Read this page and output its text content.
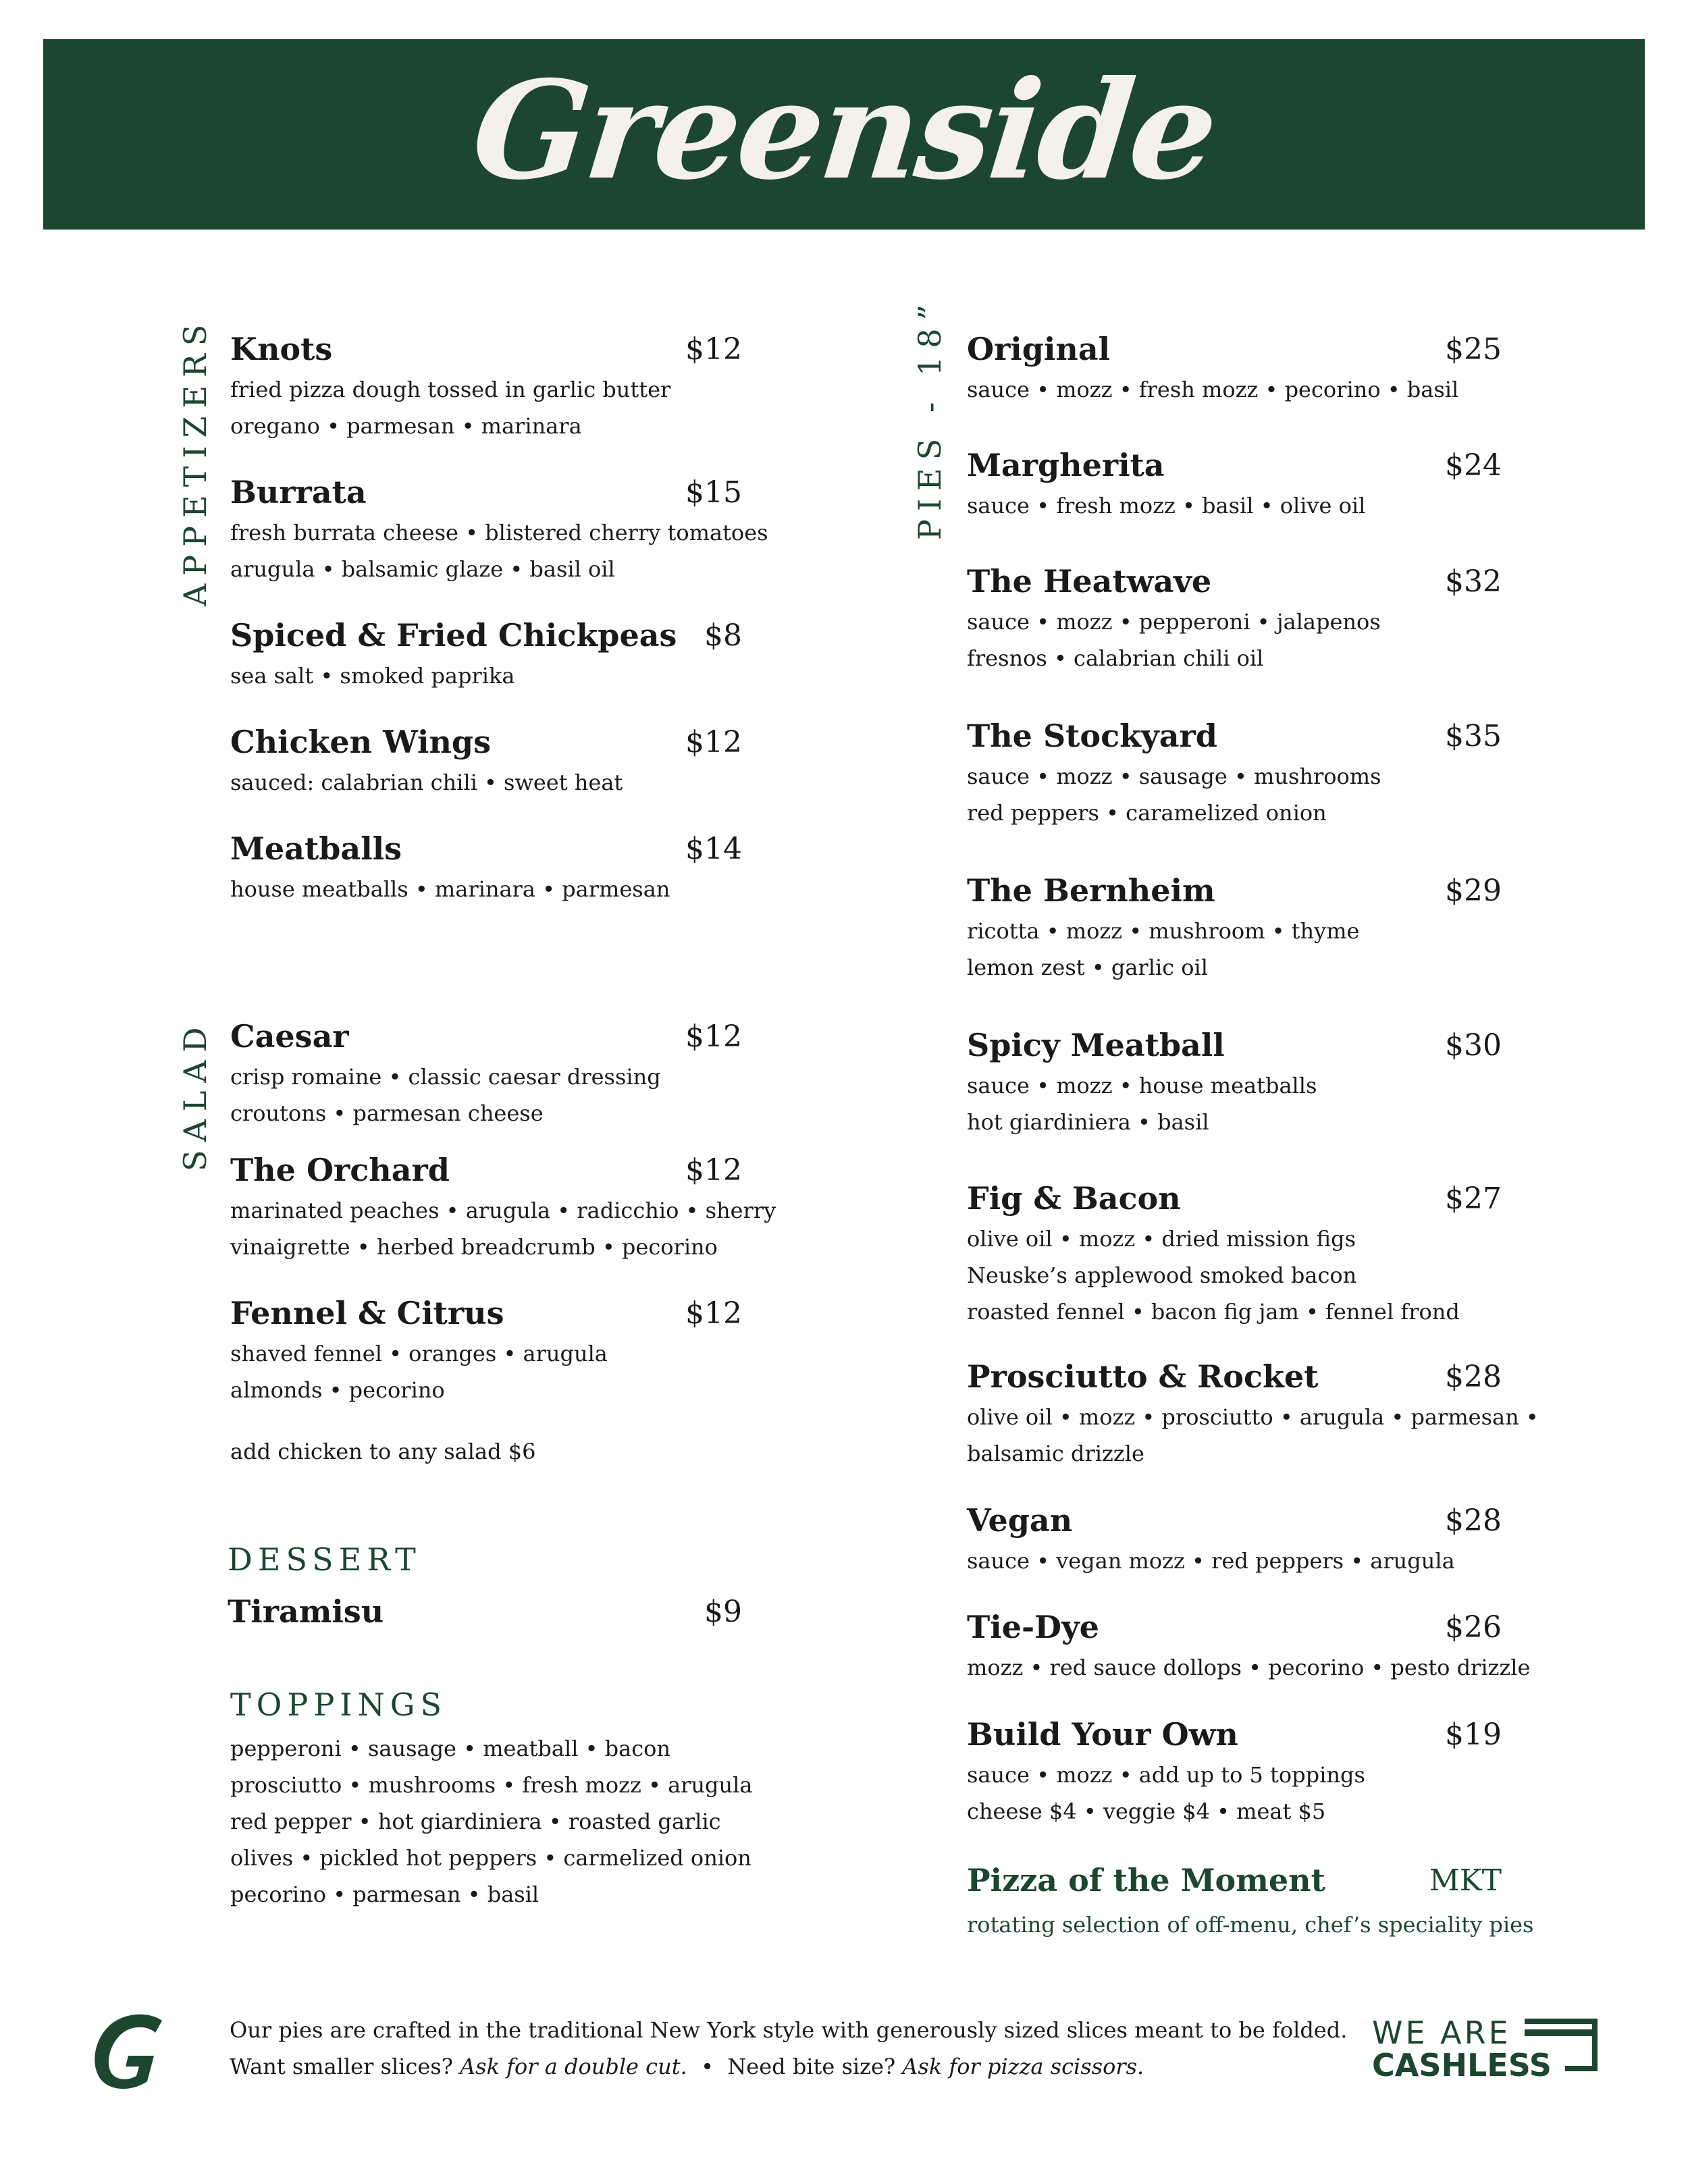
Greenside
APPETIZERS Knots	$12
fried pizza dough tossed in garlic butter
oregano • parmesan • marinara
Burrata	$15
fresh burrata cheese • blistered cherry tomatoes
arugula • balsamic glaze • basil oil
Spiced & Fried Chickpeas $8
sea salt • smoked paprika
Chicken Wings	$12
sauced: calabrian chili • sweet heat
Meatballs	$14
house meatballs • marinara • parmesan
SALAD Caesar	$12
crisp romaine • classic caesar dressing
croutons • parmesan cheese
The Orchard	$12
marinated peaches • arugula • radicchio • sherry
vinaigrette • herbed breadcrumb • pecorino
Fennel & Citrus	$12
shaved fennel • oranges • arugula
almonds • pecorino
add chicken to any salad $6
DESSERT
Tiramisu	$9
TOPPINGS
pepperoni • sausage • meatball • bacon
prosciutto • mushrooms • fresh mozz • arugula
red pepper • hot giardiniera • roasted garlic
olives • pickled hot peppers • carmelized onion
pecorino • parmesan • basil
PIES - 18” Original	$25
sauce • mozz • fresh mozz • pecorino • basil
Margherita	$24
sauce • fresh mozz • basil • olive oil
The Heatwave	$32
sauce • mozz • pepperoni • jalapenos
fresnos • calabrian chili oil
The Stockyard	$35
sauce • mozz • sausage • mushrooms
red peppers • caramelized onion
The Bernheim	$29
ricotta • mozz • mushroom • thyme
lemon zest • garlic oil
Spicy Meatball	$30
sauce • mozz • house meatballs
hot giardiniera • basil
Fig & Bacon	$27
olive oil • mozz • dried mission figs
Neuske’s applewood smoked bacon
roasted fennel • bacon fig jam • fennel frond
Prosciutto & Rocket	$28
olive oil • mozz • prosciutto • arugula • parmesan •
balsamic drizzle
Vegan	$28
sauce • vegan mozz • red peppers • arugula
Tie-Dye	$26
mozz • red sauce dollops • pecorino • pesto drizzle
Build Your Own	$19
sauce • mozz • add up to 5 toppings
cheese $4 • veggie $4 • meat $5
Pizza of the Moment	MKT
rotating selection of off-menu, chef’s speciality pies
Our pies are crafted in the traditional New York style with generously sized slices meant to be folded.
Want smaller slices? Ask for a double cut.  •  Need bite size? Ask for pizza scissors.
WE ARE
CASHLESS
